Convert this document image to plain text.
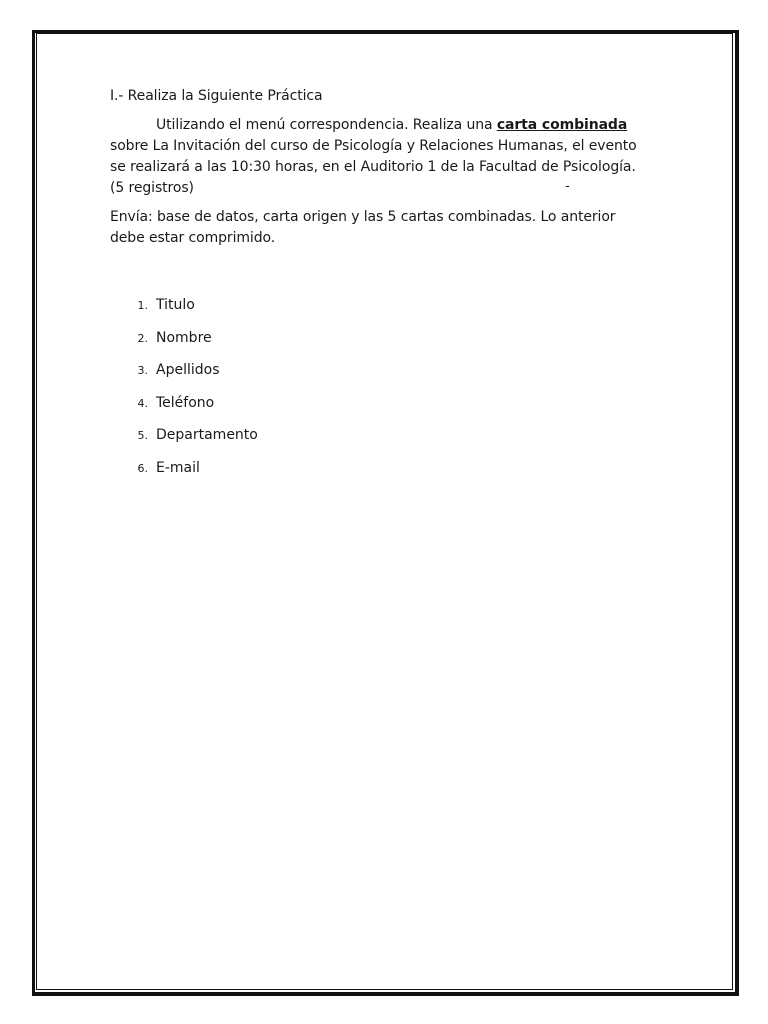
I.- Realiza la Siguiente Práctica

Utilizando el menú correspondencia. Realiza una carta combinada sobre La Invitación del curso de Psicología y Relaciones Humanas, el evento se realizará a las 10:30 horas, en el Auditorio 1 de la Facultad de Psicología. (5 registros)	-

Envía: base de datos, carta origen y las 5 cartas combinadas. Lo anterior debe estar comprimido.

1. Titulo
2. Nombre
3. Apellidos
4. Teléfono
5. Departamento
6. E-mail
